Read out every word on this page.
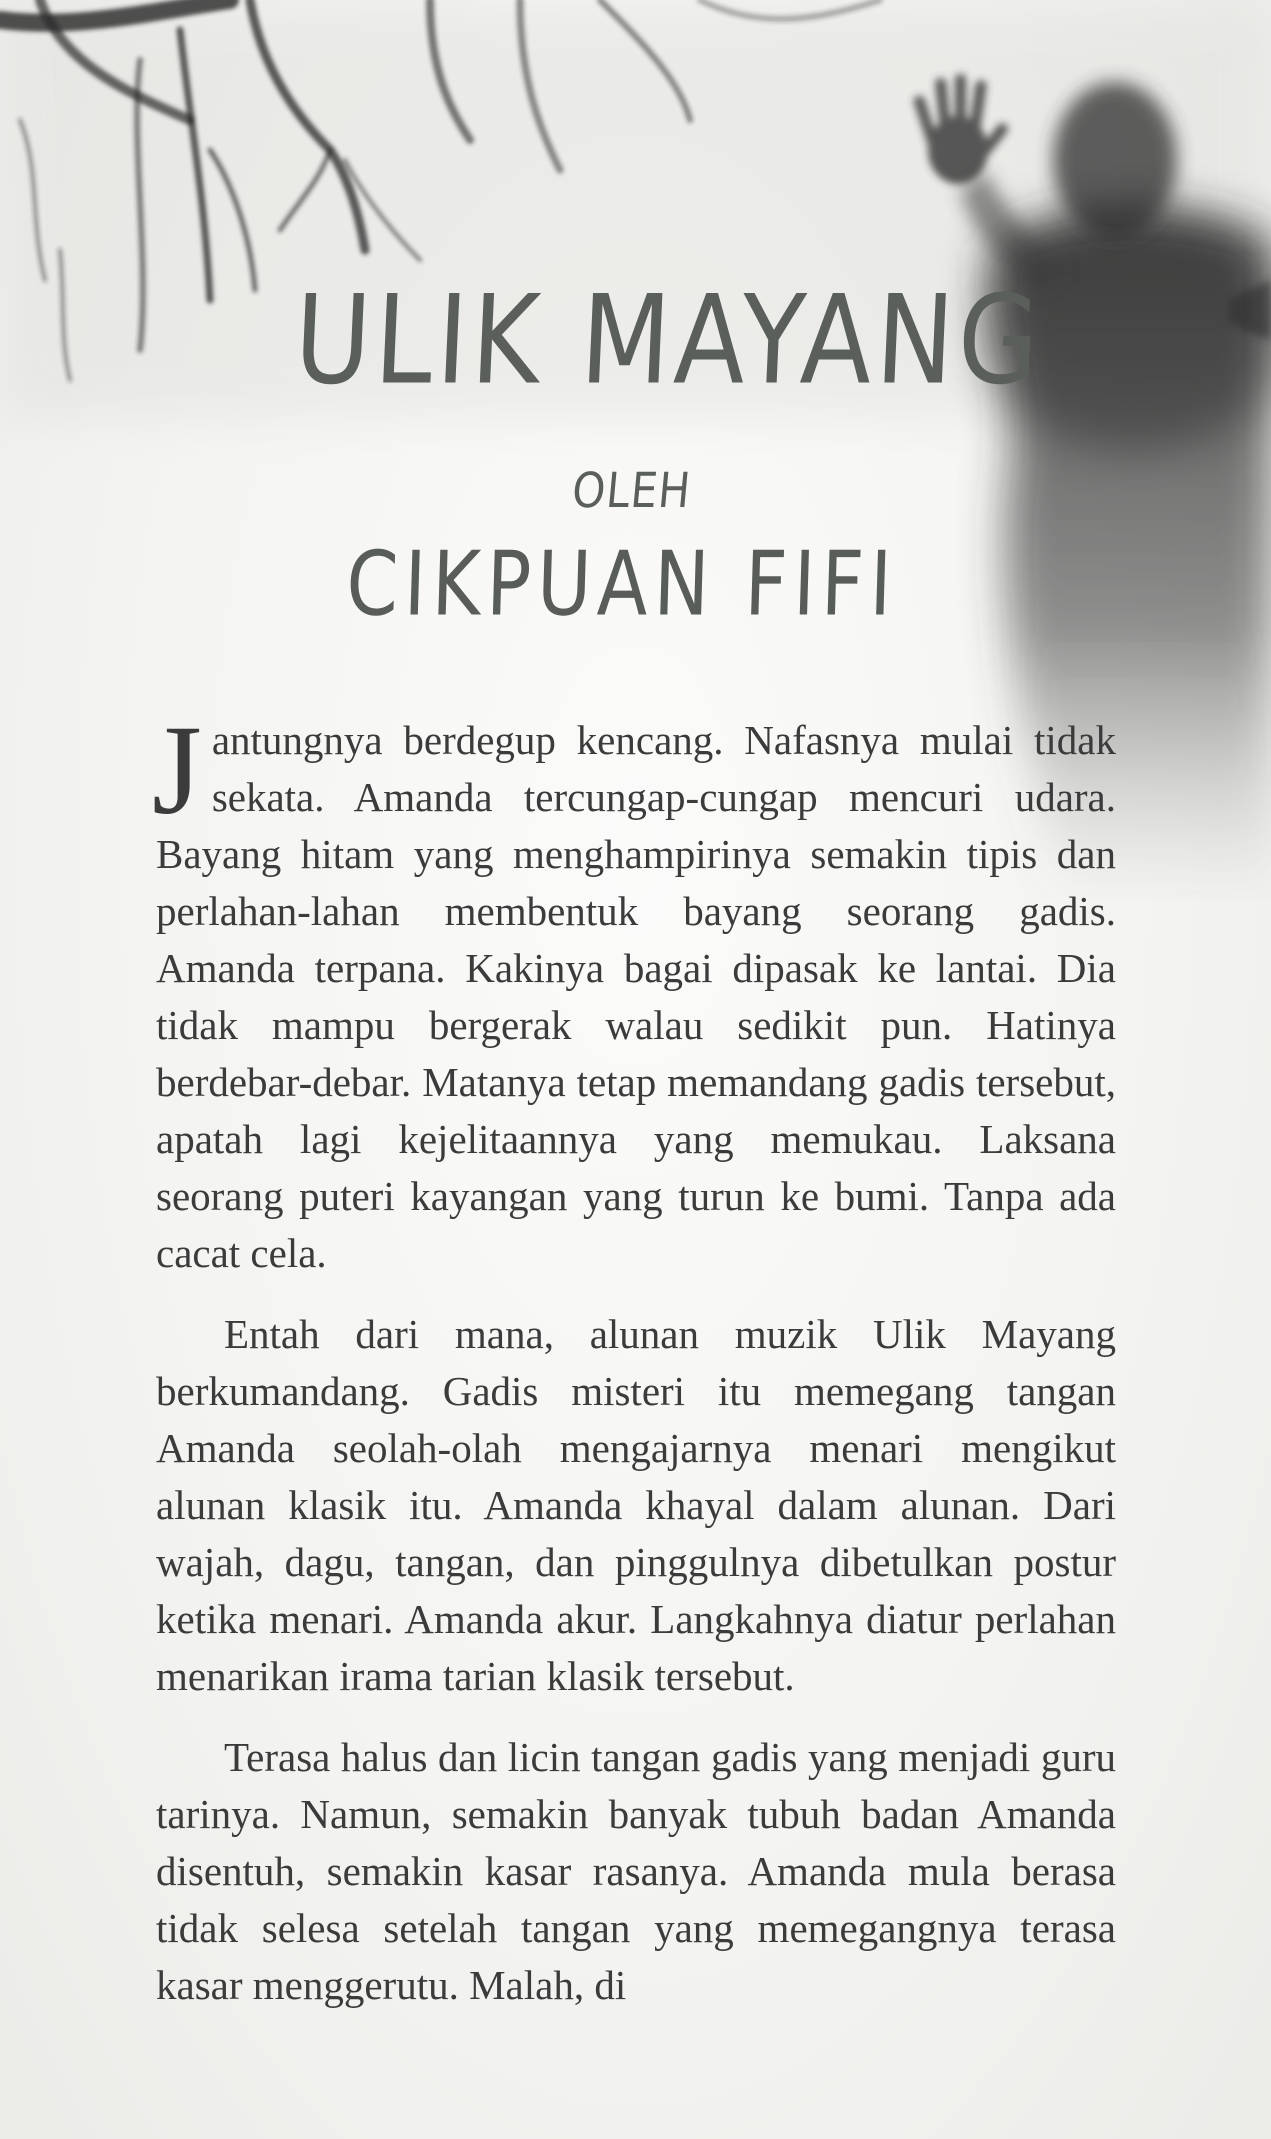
ULIK MAYANG
OLEH
CIKPUAN FIFI

Jantungnya berdegup kencang. Nafasnya mulai tidak sekata. Amanda tercungap-cungap mencuri udara. Bayang hitam yang menghampirinya semakin tipis dan perlahan-lahan membentuk bayang seorang gadis. Amanda terpana. Kakinya bagai dipasak ke lantai. Dia tidak mampu bergerak walau sedikit pun. Hatinya berdebar-debar. Matanya tetap memandang gadis tersebut, apatah lagi kejelitaannya yang memukau. Laksana seorang puteri kayangan yang turun ke bumi. Tanpa ada cacat cela.

Entah dari mana, alunan muzik Ulik Mayang berkumandang. Gadis misteri itu memegang tangan Amanda seolah-olah mengajarnya menari mengikut alunan klasik itu. Amanda khayal dalam alunan. Dari wajah, dagu, tangan, dan pinggulnya dibetulkan postur ketika menari. Amanda akur. Langkahnya diatur perlahan menarikan irama tarian klasik tersebut.

Terasa halus dan licin tangan gadis yang menjadi guru tarinya. Namun, semakin banyak tubuh badan Amanda disentuh, semakin kasar rasanya. Amanda mula berasa tidak selesa setelah tangan yang memegangnya terasa kasar menggerutu. Malah, di
